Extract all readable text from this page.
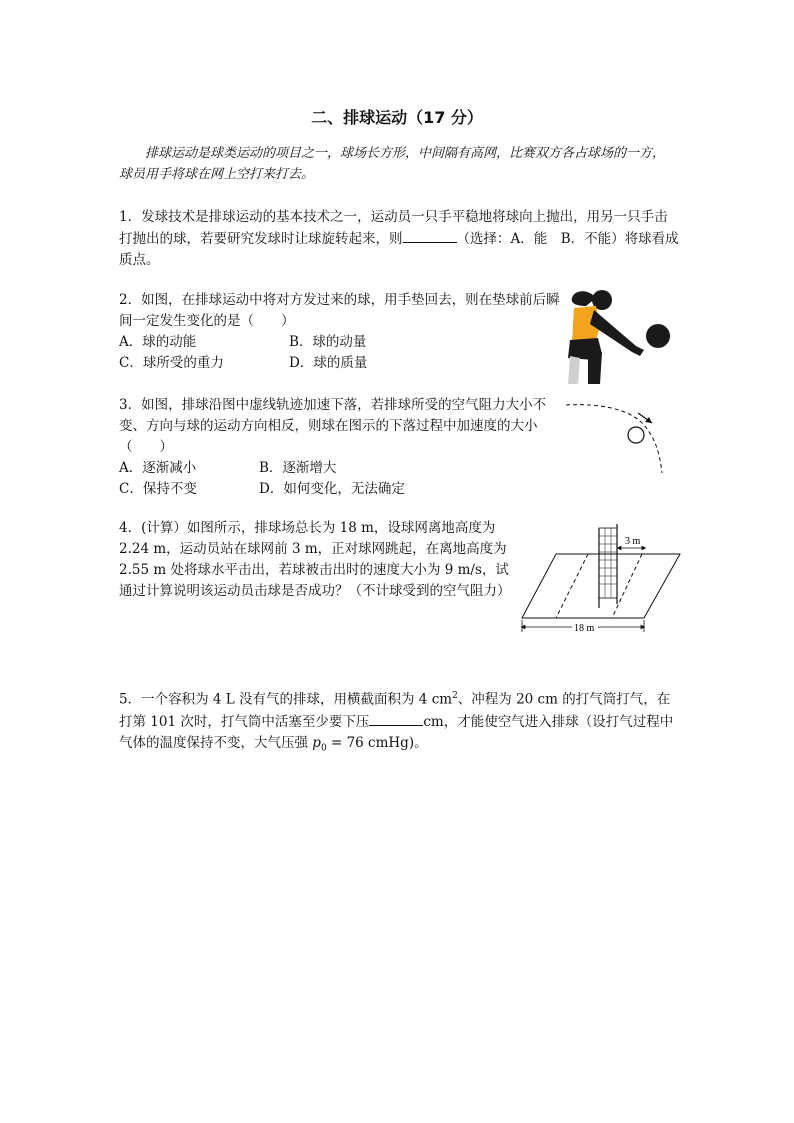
二、排球运动（17 分）
排球运动是球类运动的项目之一，球场长方形，中间隔有高网，比赛双方各占球场的一方，球员用手将球在网上空打来打去。

1．发球技术是排球运动的基本技术之一，运动员一只手平稳地将球向上抛出，用另一只手击打抛出的球，若要研究发球时让球旋转起来，则	（选择：A．能　B．不能）将球看成质点。

2．如图，在排球运动中将对方发过来的球，用手垫回去，则在垫球前后瞬间一定发生变化的是（　　）

A．球的动能	B．球的动量
C．球所受的重力	D．球的质量

3．如图，排球沿图中虚线轨迹加速下落，若排球所受的空气阻力大小不变、方向与球的运动方向相反，则球在图示的下落过程中加速度的大小（　　）

A．逐渐减小	B．逐渐增大
C．保持不变	D．如何变化，无法确定

4．(计算）如图所示，排球场总长为 18 m，设球网离地高度为 2.24 m，运动员站在球网前 3 m，正对球网跳起，在离地高度为 2.55 m 处将球水平击出，若球被击出时的速度大小为 9 m/s，试通过计算说明该运动员击球是否成功？（不计球受到的空气阻力）

3 m
18 m

5．一个容积为 4 L 没有气的排球，用横截面积为 4 $cm^2$、冲程为 20 cm 的打气筒打气，在打第 101 次时，打气筒中活塞至少要下压	cm，才能使空气进入排球（设打气过程中气体的温度保持不变，大气压强 $p_0 = 76$ cmHg)。
